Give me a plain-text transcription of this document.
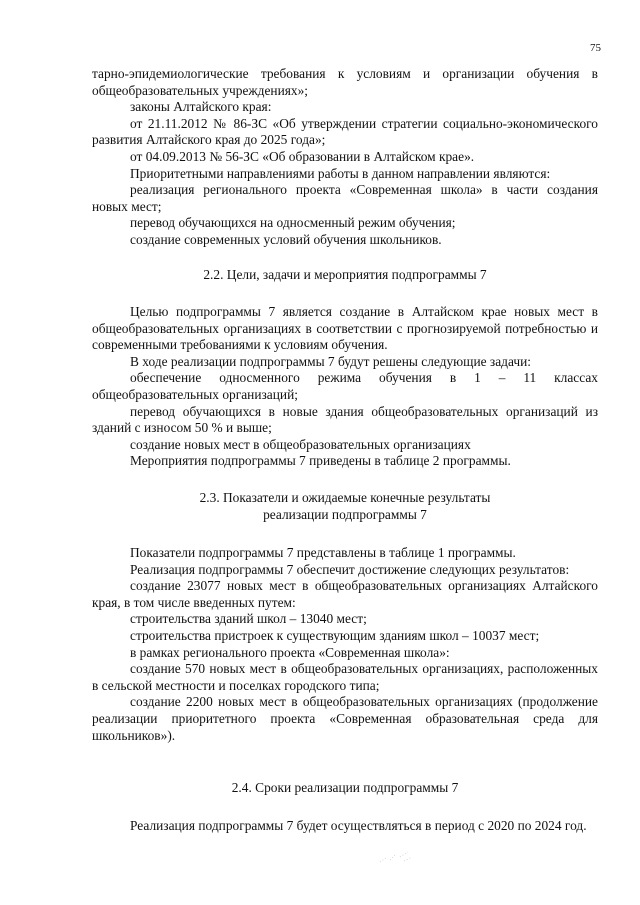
75

тарно-эпидемиологические требования к условиям и организации обучения в общеобразовательных учреждениях»;

законы Алтайского края:

от 21.11.2012 № 86-ЗС «Об утверждении стратегии социально-экономического развития Алтайского края до 2025 года»;

от 04.09.2013 № 56-ЗС «Об образовании в Алтайском крае».

Приоритетными направлениями работы в данном направлении являются:

реализация регионального проекта «Современная школа» в части создания новых мест;

перевод обучающихся на односменный режим обучения;

создание современных условий обучения школьников.

2.2. Цели, задачи и мероприятия подпрограммы 7

Целью подпрограммы 7 является создание в Алтайском крае новых мест в общеобразовательных организациях в соответствии с прогнозируемой потребностью и современными требованиями к условиям обучения.

В ходе реализации подпрограммы 7 будут решены следующие задачи:

обеспечение односменного режима обучения в 1 – 11 классах общеобразовательных организаций;

перевод обучающихся в новые здания общеобразовательных организаций из зданий с износом 50 % и выше;

создание новых мест в общеобразовательных организациях

Мероприятия подпрограммы 7 приведены в таблице 2 программы.

2.3. Показатели и ожидаемые конечные результаты

реализации подпрограммы 7

Показатели подпрограммы 7 представлены в таблице 1 программы.

Реализация подпрограммы 7 обеспечит достижение следующих результатов:

создание 23077 новых мест в общеобразовательных организациях Алтайского края, в том числе введенных путем:

строительства зданий школ – 13040 мест;

строительства пристроек к существующим зданиям школ – 10037 мест;

в рамках регионального проекта «Современная школа»:

создание 570 новых мест в общеобразовательных организациях, расположенных в сельской местности и поселках городского типа;

создание 2200 новых мест в общеобразовательных организациях (продолжение реализации приоритетного проекта «Современная образовательная среда для школьников»).

2.4. Сроки реализации подпрограммы 7

Реализация подпрограммы 7 будет осуществляться в период с 2020 по 2024 год.
